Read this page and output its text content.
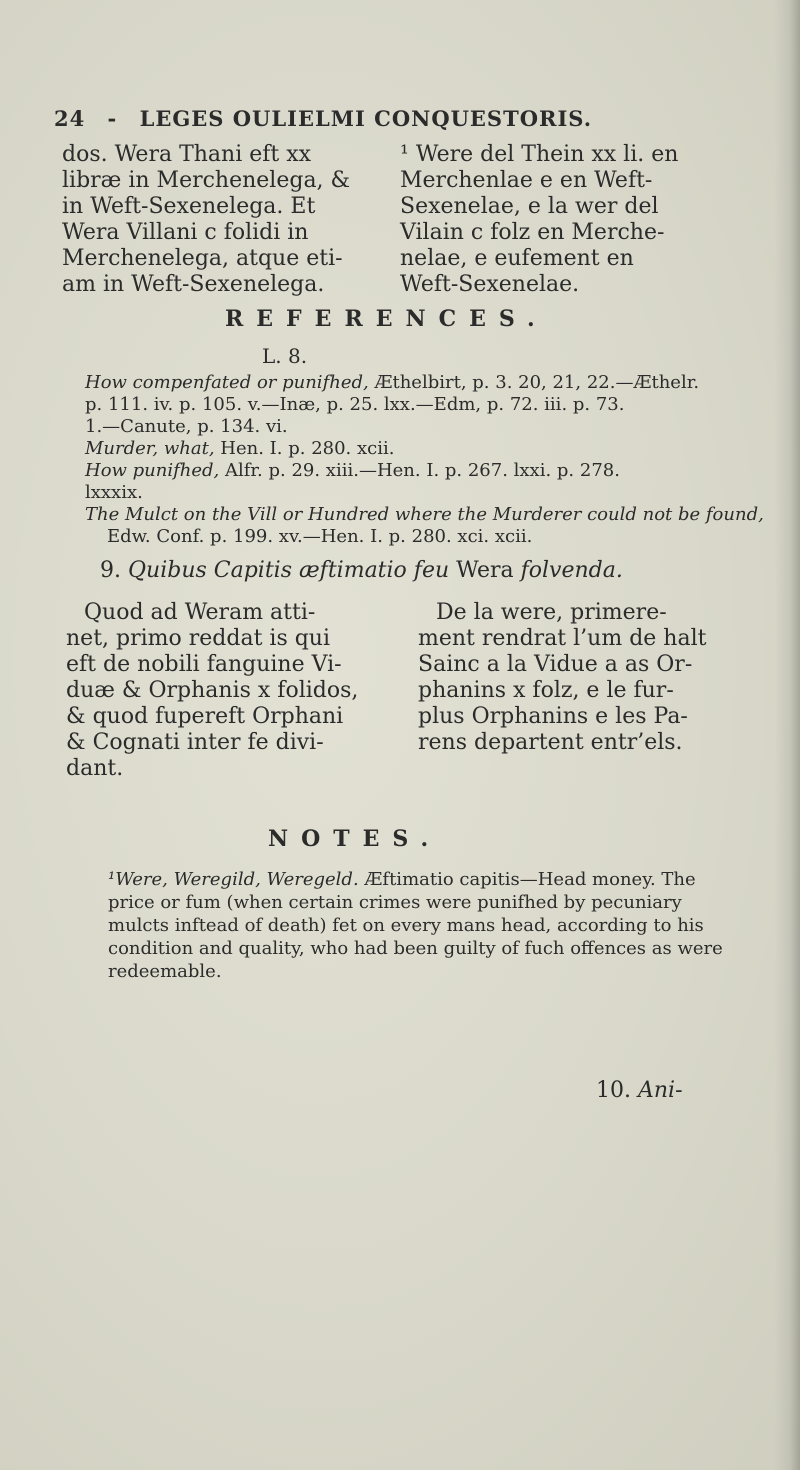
24 - LEGES OULIELMI CONQUESTORIS.
dos. Wera Thani eft xx
libræ in Merchenelega, &
in Weft-Sexenelega. Et
Wera Villani c folidi in
Merchenelega, atque eti-
am in Weft-Sexenelega.
¹ Were del Thein xx li. en
Merchenlae e en Weft-
Sexenelae, e la wer del
Vilain c folz en Merche-
nelae, e eufement en
Weft-Sexenelae.
REFERENCES.
L. 8.
How compenfated or punifhed, Æthelbirt, p. 3. 20, 21, 22.—Æthelr.
p. 111. iv. p. 105. v.—Inæ, p. 25. lxx.—Edm, p. 72. iii. p. 73.
1.—Canute, p. 134. vi.
Murder, what, Hen. I. p. 280. xcii.
How punifhed, Alfr. p. 29. xiii.—Hen. I. p. 267. lxxi. p. 278.
lxxxix.
The Mulct on the Vill or Hundred where the Murderer could not be found,
Edw. Conf. p. 199. xv.—Hen. I. p. 280. xci. xcii.
9. Quibus Capitis æftimatio feu Wera folvenda.
Quod ad Weram atti-
net, primo reddat is qui
eft de nobili fanguine Vi-
duæ & Orphanis x folidos,
& quod fupereft Orphani
& Cognati inter fe divi-
dant.
De la were, primere-
ment rendrat l’um de halt
Sainc a la Vidue a as Or-
phanins x folz, e le fur-
plus Orphanins e les Pa-
rens departent entr’els.
NOTES.
¹Were, Weregild, Weregeld. Æftimatio capitis—Head money. The
price or fum (when certain crimes were punifhed by pecuniary
mulcts inftead of death) fet on every mans head, according to his
condition and quality, who had been guilty of fuch offences as were
redeemable.
10. Ani-
